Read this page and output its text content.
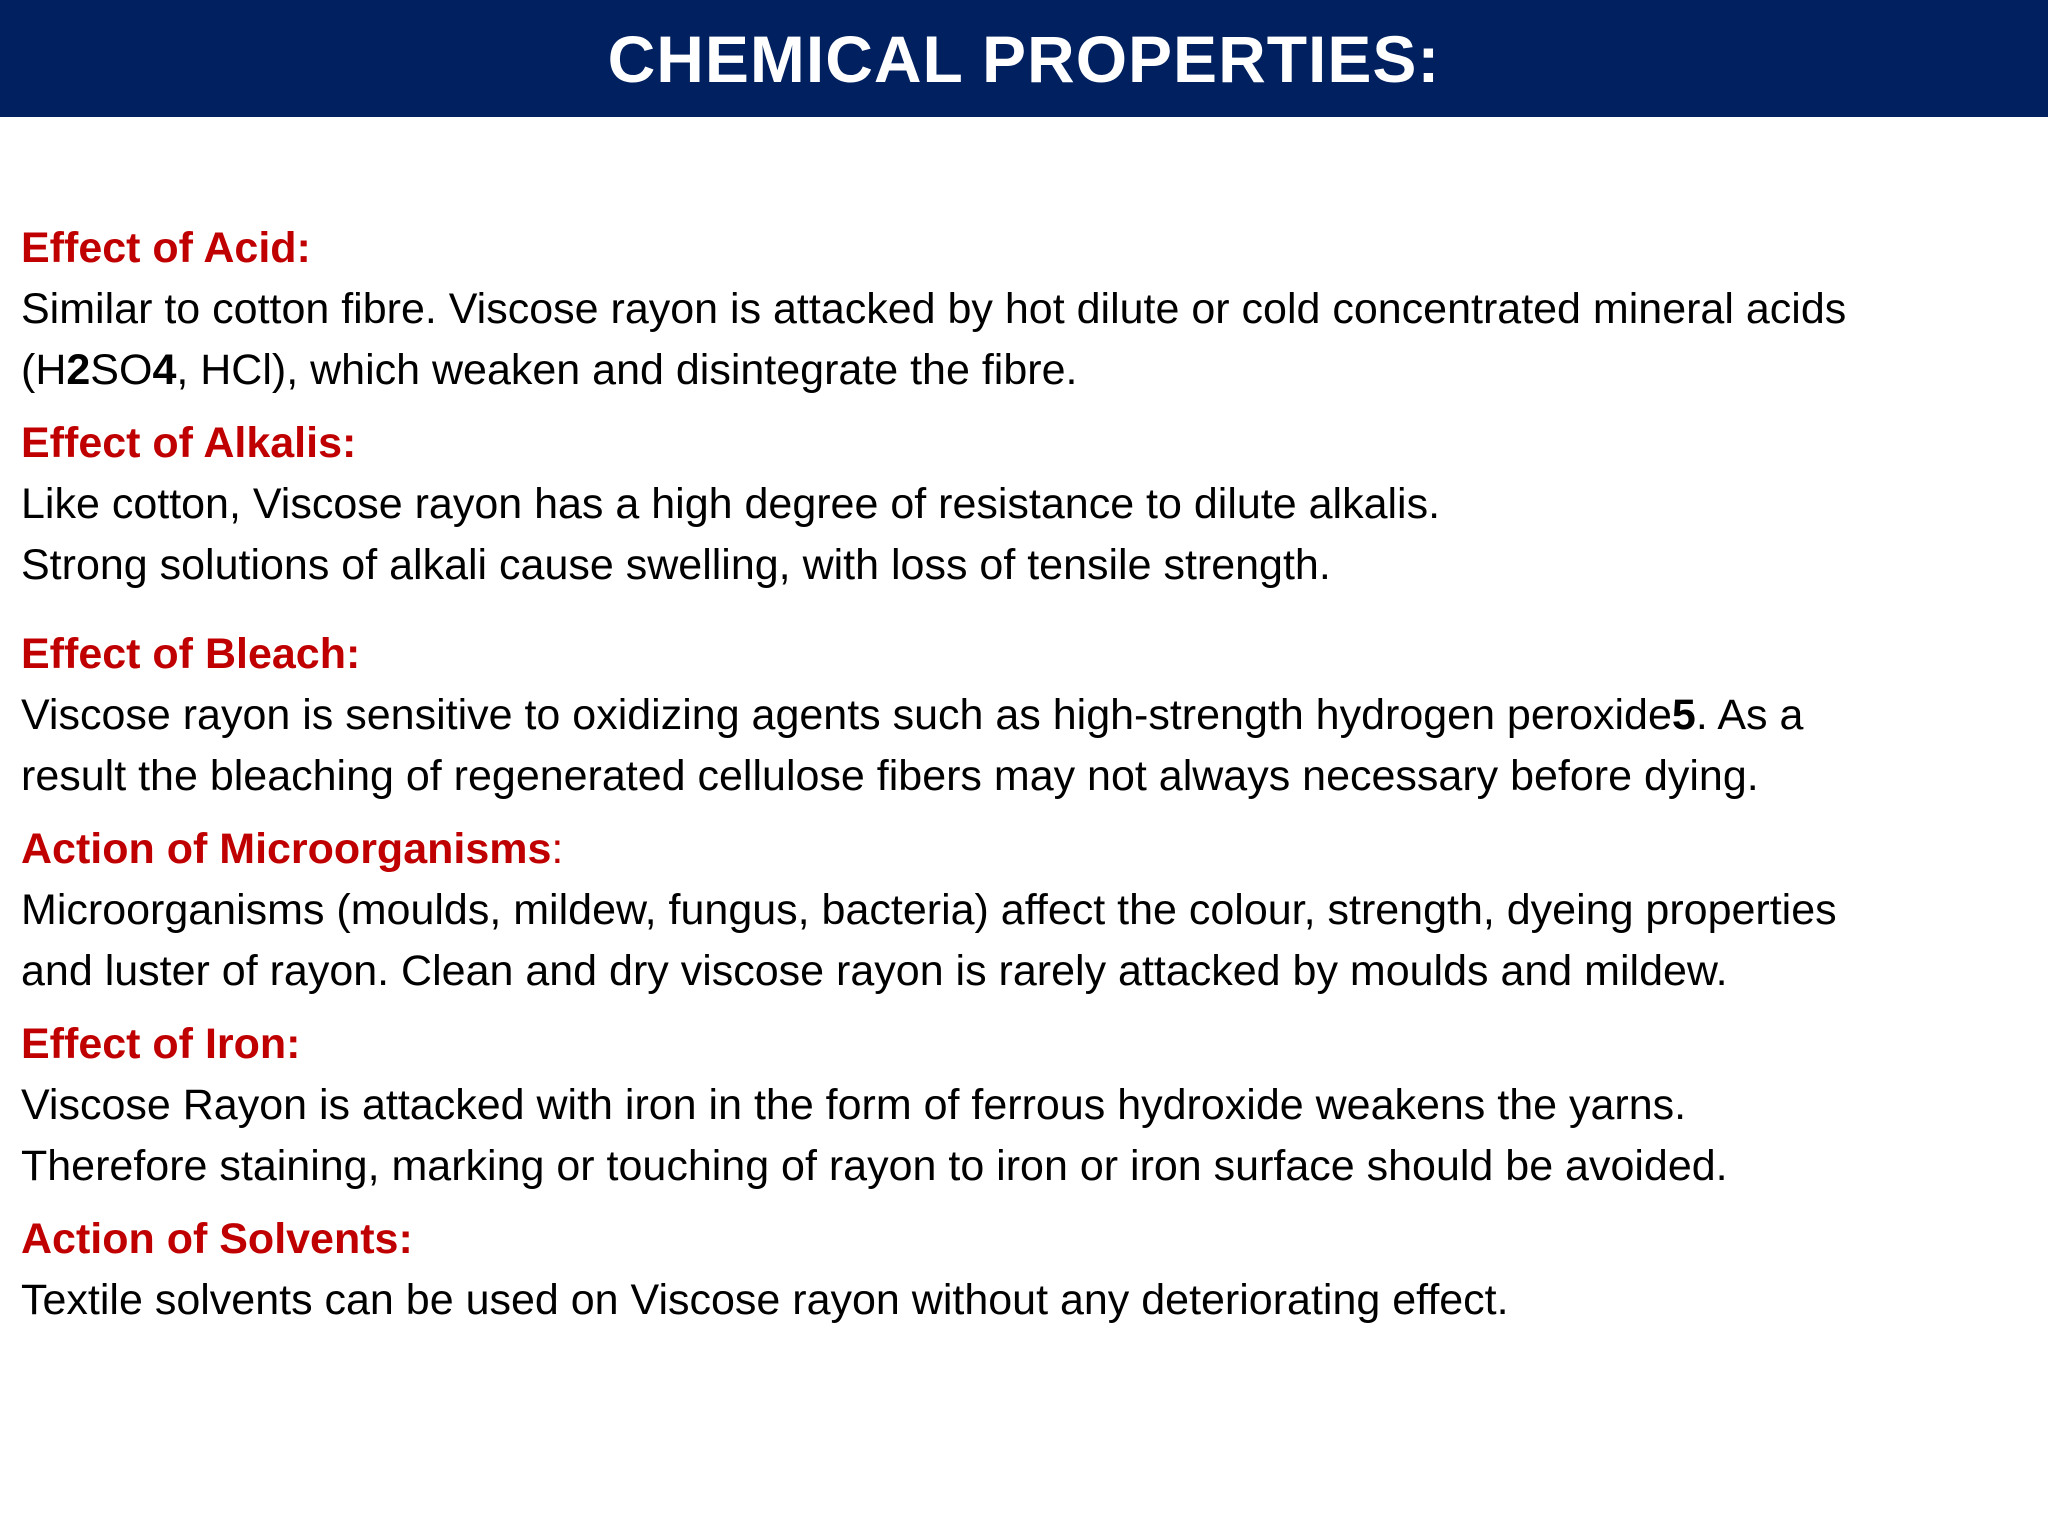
CHEMICAL PROPERTIES:
Effect of Acid:
Similar to cotton fibre. Viscose rayon is attacked by hot dilute or cold concentrated mineral acids
(H2SO4, HCl), which weaken and disintegrate the fibre.
Effect of Alkalis:
Like cotton, Viscose rayon has a high degree of resistance to dilute alkalis.
Strong solutions of alkali cause swelling, with loss of tensile strength.
Effect of Bleach:
Viscose rayon is sensitive to oxidizing agents such as high-strength hydrogen peroxide5. As a
result the bleaching of regenerated cellulose fibers may not always necessary before dying.
Action of Microorganisms:
Microorganisms (moulds, mildew, fungus, bacteria) affect the colour, strength, dyeing properties
and luster of rayon. Clean and dry viscose rayon is rarely attacked by moulds and mildew.
Effect of Iron:
Viscose Rayon is attacked with iron in the form of ferrous hydroxide weakens the yarns.
Therefore staining, marking or touching of rayon to iron or iron surface should be avoided.
Action of Solvents:
Textile solvents can be used on Viscose rayon without any deteriorating effect.
